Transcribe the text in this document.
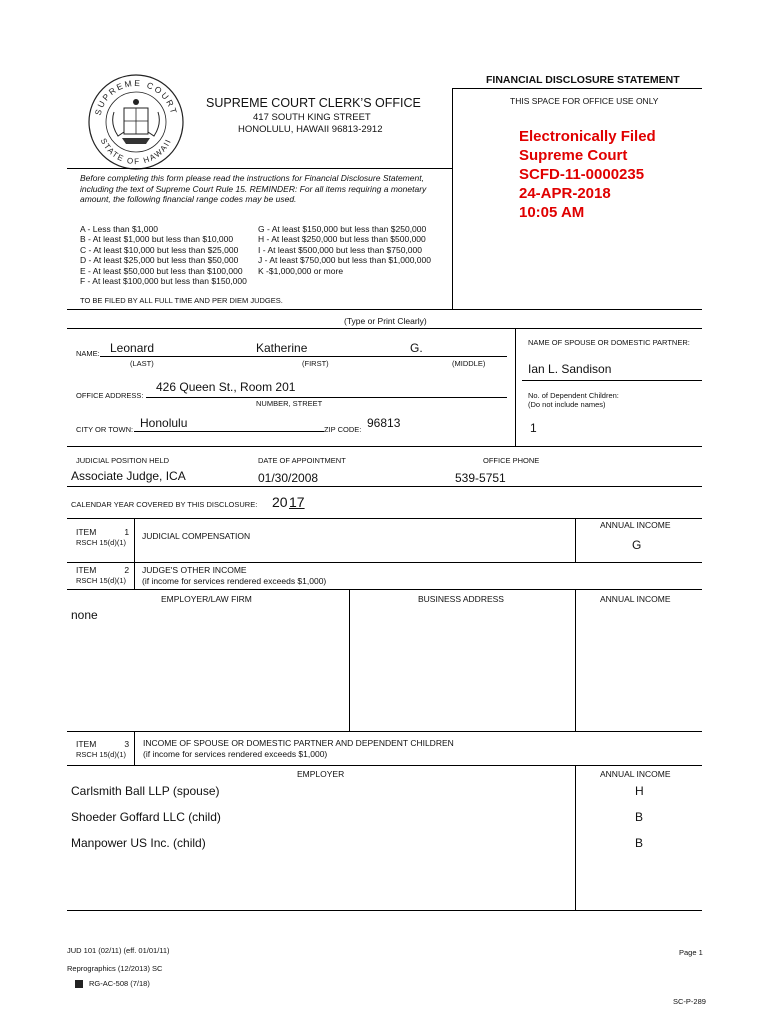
FINANCIAL DISCLOSURE STATEMENT
SUPREME COURT
STATE OF HAWAII
SUPREME COURT CLERK’S OFFICE
417 SOUTH KING STREET
HONOLULU, HAWAII 96813-2912
THIS SPACE FOR OFFICE USE ONLY
Electronically Filed
Supreme Court
SCFD-11-0000235
24-APR-2018
10:05 AM
Before completing this form please read the instructions for Financial Disclosure Statement,
including the text of Supreme Court Rule 15. REMINDER: For all items requiring a monetary
amount, the following financial range codes may be used.
A - Less than $1,000
B - At least $1,000 but less than $10,000
C - At least $10,000 but less than $25,000
D - At least $25,000 but less than $50,000
E - At least $50,000 but less than $100,000
F - At least $100,000 but less than $150,000
G - At least $150,000 but less than $250,000
H - At least $250,000 but less than $500,000
I - At least $500,000 but less than $750,000
J - At least $750,000 but less than $1,000,000
K -$1,000,000 or more
TO BE FILED BY ALL FULL TIME AND PER DIEM JUDGES.
(Type or Print Clearly)
NAME: Leonard	Katherine	G.
(LAST)	(FIRST)	(MIDDLE)
NAME OF SPOUSE OR DOMESTIC PARTNER:
Ian L. Sandison
No. of Dependent Children:
(Do not include names)
1
OFFICE ADDRESS:
426 Queen St., Room 201
NUMBER, STREET
CITY OR TOWN: Honolulu	ZIP CODE: 96813
JUDICIAL POSITION HELD
Associate Judge, ICA
DATE OF APPOINTMENT
01/30/2008
OFFICE PHONE
539-5751
CALENDAR YEAR COVERED BY THIS DISCLOSURE: 20 17
ITEM	1
RSCH 15(d)(1)
JUDICIAL COMPENSATION
ANNUAL INCOME
G
ITEM	2
RSCH 15(d)(1)
JUDGE'S OTHER INCOME
(if income for services rendered exceeds $1,000)
EMPLOYER/LAW FIRM	BUSINESS ADDRESS	ANNUAL INCOME
none
ITEM	3
RSCH 15(d)(1)
INCOME OF SPOUSE OR DOMESTIC PARTNER AND DEPENDENT CHILDREN
(if income for services rendered exceeds $1,000)
EMPLOYER	ANNUAL INCOME
Carlsmith Ball LLP (spouse)	H
Shoeder Goffard LLC (child)	B
Manpower US Inc. (child)	B
JUD 101 (02/11) (eff. 01/01/11)
Reprographics (12/2013) SC
RG-AC-508 (7/18)
Page 1
SC-P-289
